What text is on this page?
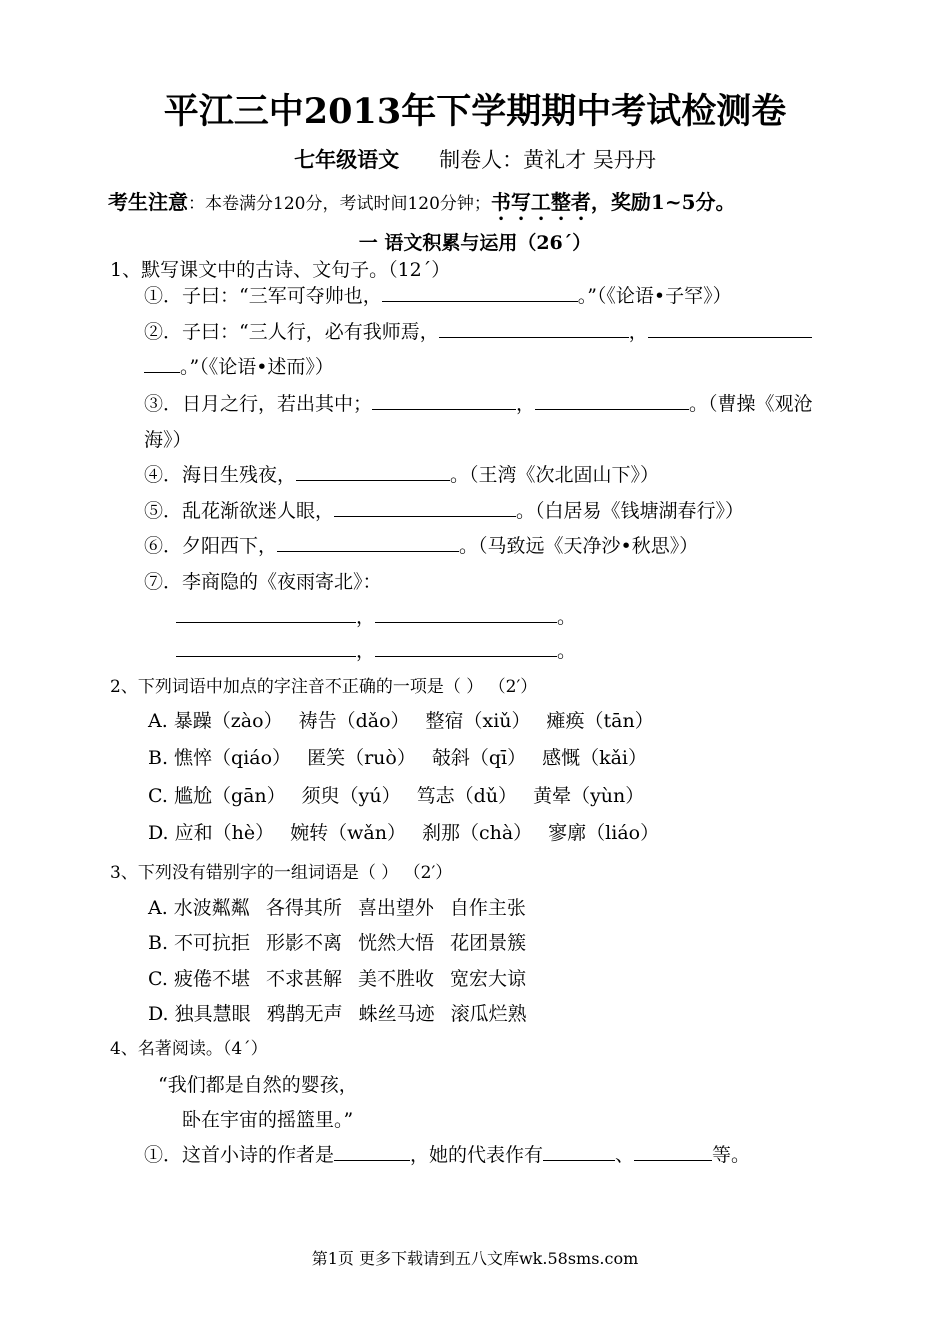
平江三中2013年下学期期中考试检测卷
七年级语文 制卷人：黄礼才 吴丹丹
考生注意：本卷满分120分，考试时间120分钟；书写工整者，奖励1~5分。
一 语文积累与运用（26´）
1、默写课文中的古诗、文句子。（12´）
①．子曰：“三军可夺帅也，	。”（《论语•子罕》）
②．子曰：“三人行，必有我师焉，	，
。”（《论语•述而》）
③．日月之行，若出其中；	，	。（曹操《观沧
海》）
④．海日生残夜，	。（王湾《次北固山下》）
⑤．乱花渐欲迷人眼，	。（白居易《钱塘湖春行》）
⑥．夕阳西下，	。（马致远《天净沙•秋思》）
⑦．李商隐的《夜雨寄北》：
，	。
，	。
2、下列词语中加点的字注音不正确的一项是（ ） （2′）
A. 暴躁（zào） 祷告（dǎo） 整宿（xiǔ） 瘫痪（tān）
B. 憔悴（qiáo） 匿笑（ruò） 攲斜（qī） 感慨（kǎi）
C. 尴尬（gān） 须臾（yú） 笃志（dǔ） 黄晕（yùn）
D. 应和（hè） 婉转（wǎn） 刹那（chà） 寥廓（liáo）
3、下列没有错别字的一组词语是（ ） （2′）
A. 水波粼粼 各得其所 喜出望外 自作主张
B. 不可抗拒 形影不离 恍然大悟 花团景簇
C. 疲倦不堪 不求甚解 美不胜收 宽宏大谅
D. 独具慧眼 鸦鹊无声 蛛丝马迹 滚瓜烂熟
4、名著阅读。（4´）
“我们都是自然的婴孩，
卧在宇宙的摇篮里。”
①．这首小诗的作者是	，她的代表作有	、	等。
第1页 更多下载请到五八文库wk.58sms.com
